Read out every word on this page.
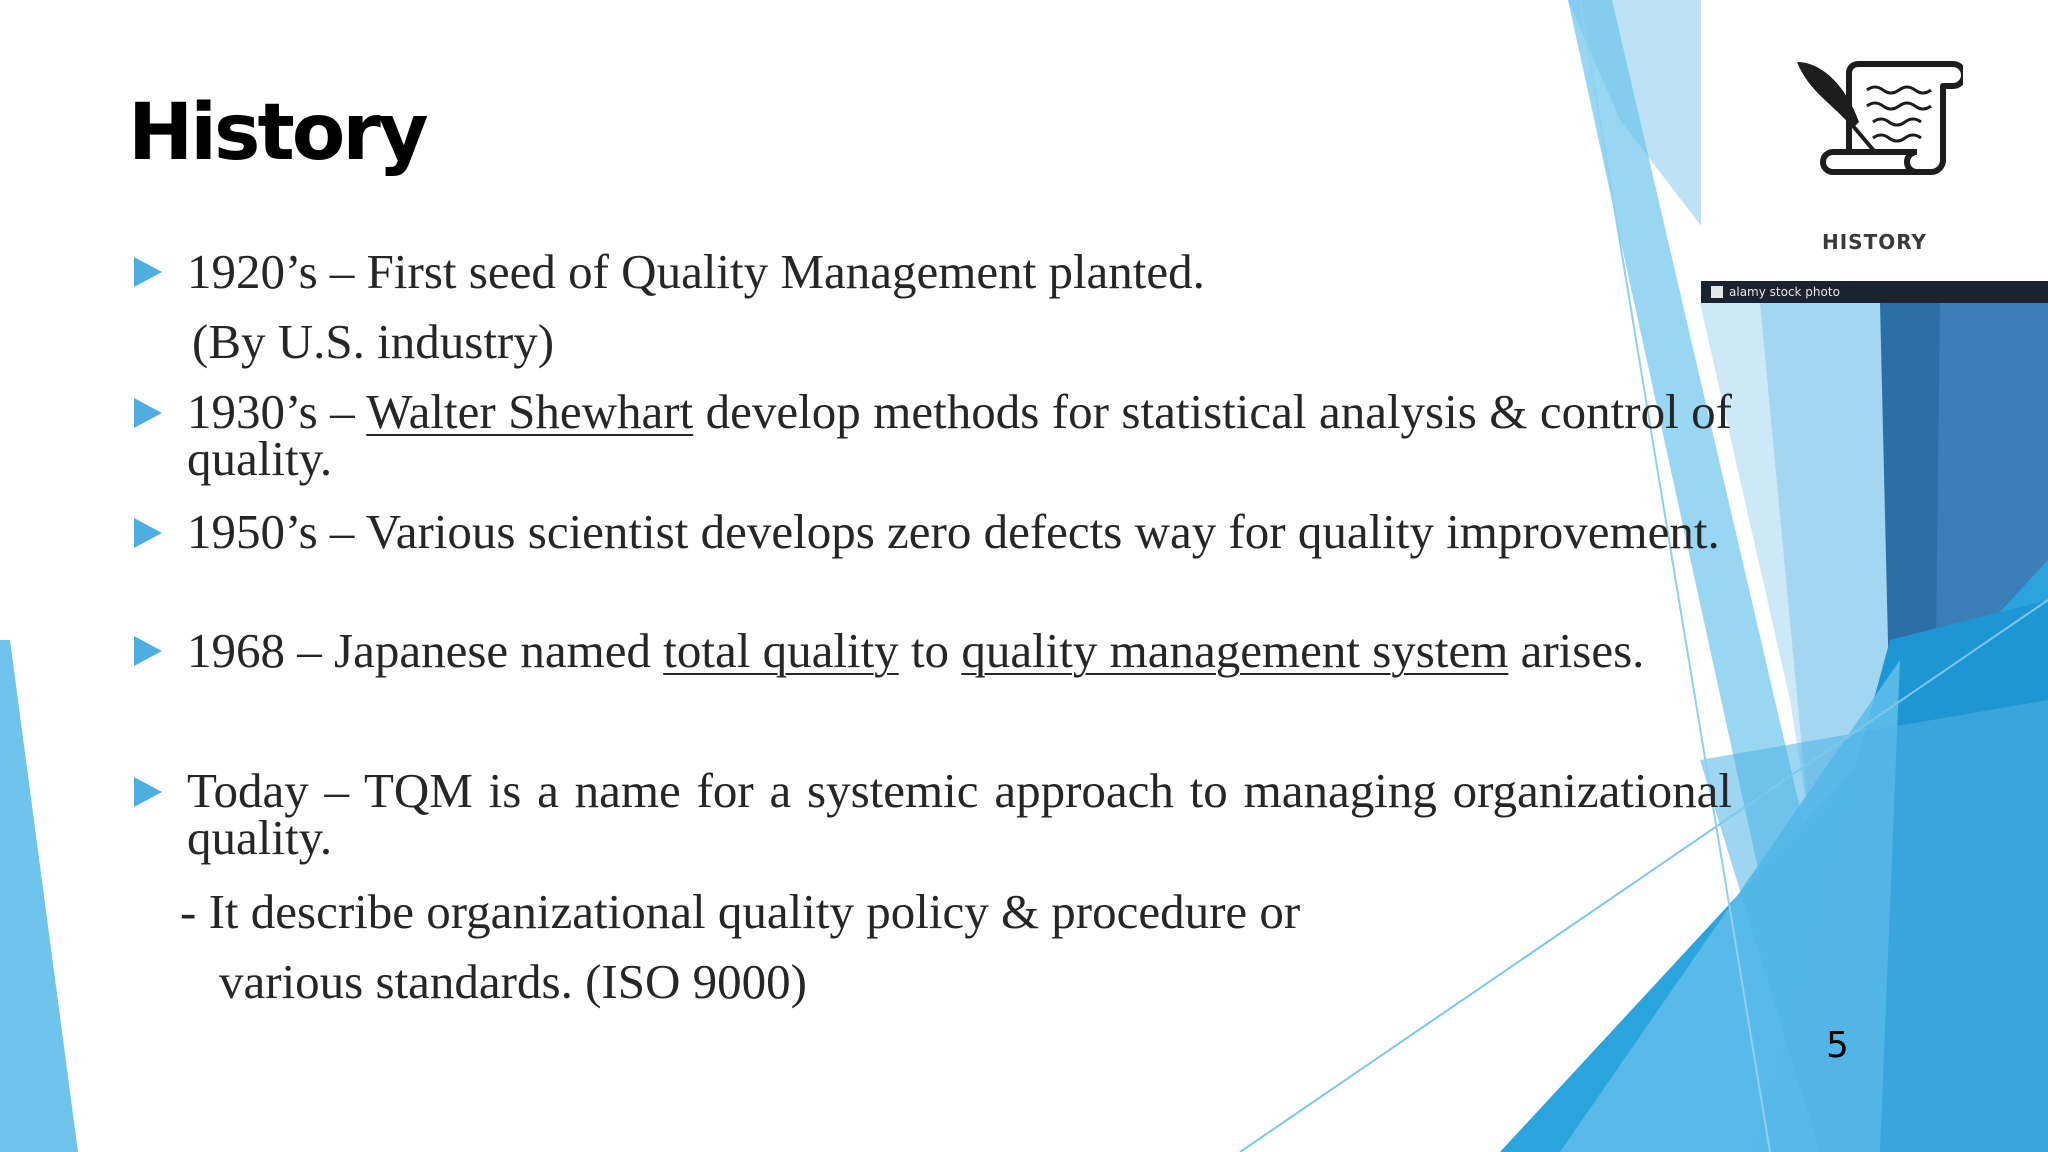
History
1920’s – First seed of Quality Management planted.
(By U.S. industry)
1930’s – Walter Shewhart develop methods for statistical analysis & control of quality.
1950’s – Various scientist develops zero defects way for quality improvement.
1968 – Japanese named total quality to quality management system arises.
Today – TQM is a name for a systemic approach to managing organizational quality.
- It describe organizational quality policy & procedure or
various standards. (ISO 9000)
HISTORY
alamy stock photo
5
